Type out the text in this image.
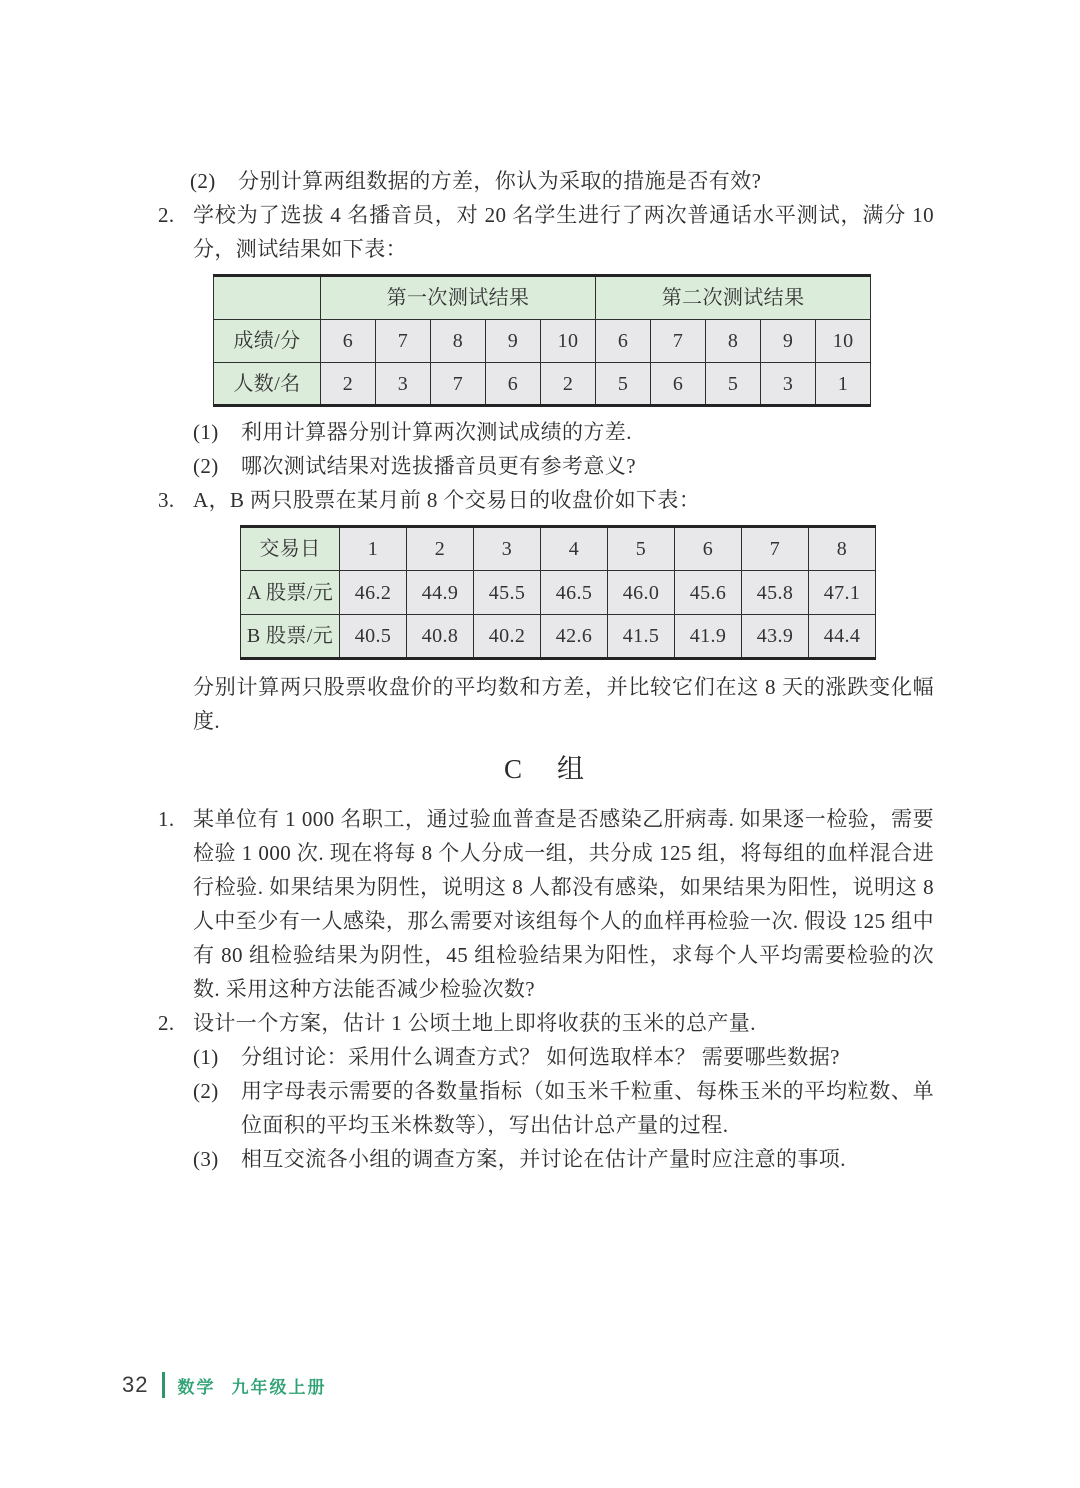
(2)	分别计算两组数据的方差，你认为采取的措施是否有效?
2. 学校为了选拔 4 名播音员，对 20 名学生进行了两次普通话水平测试，满分 10 分，测试结果如下表：
	第一次测试结果					第二次测试结果				
成绩/分	6	7	8	9	10	6	7	8	9	10
人数/名	2	3	7	6	2	5	6	5	3	1
(1)	利用计算器分别计算两次测试成绩的方差.
(2)	哪次测试结果对选拔播音员更有参考意义?
3. A，B 两只股票在某月前 8 个交易日的收盘价如下表：
交易日	1	2	3	4	5	6	7	8
A 股票/元	46.2	44.9	45.5	46.5	46.0	45.6	45.8	47.1
B 股票/元	40.5	40.8	40.2	42.6	41.5	41.9	43.9	44.4
分别计算两只股票收盘价的平均数和方差，并比较它们在这 8 天的涨跌变化幅度.
C　组
1. 某单位有 1 000 名职工，通过验血普查是否感染乙肝病毒. 如果逐一检验，需要检验 1 000 次. 现在将每 8 个人分成一组，共分成 125 组，将每组的血样混合进行检验. 如果结果为阴性，说明这 8 人都没有感染，如果结果为阳性，说明这 8 人中至少有一人感染，那么需要对该组每个人的血样再检验一次. 假设 125 组中有 80 组检验结果为阴性，45 组检验结果为阳性，求每个人平均需要检验的次数. 采用这种方法能否减少检验次数?
2. 设计一个方案，估计 1 公顷土地上即将收获的玉米的总产量.
(1)	分组讨论：采用什么调查方式？ 如何选取样本？ 需要哪些数据?
(2)	用字母表示需要的各数量指标（如玉米千粒重、每株玉米的平均粒数、单位面积的平均玉米株数等），写出估计总产量的过程.
(3)	相互交流各小组的调查方案，并讨论在估计产量时应注意的事项.
32 数学 九年级上册
